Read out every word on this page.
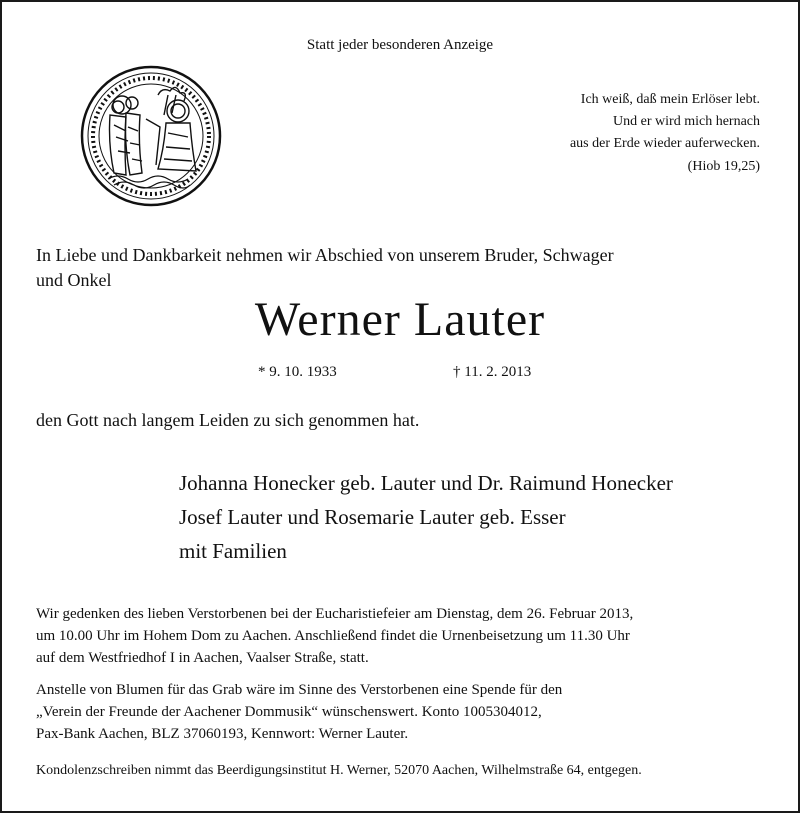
Statt jeder besonderen Anzeige
Ich weiß, daß mein Erlöser lebt.
Und er wird mich hernach
aus der Erde wieder auferwecken.
(Hiob 19,25)
In Liebe und Dankbarkeit nehmen wir Abschied von unserem Bruder, Schwager
und Onkel
Werner Lauter
* 9. 10. 1933	† 11. 2. 2013
den Gott nach langem Leiden zu sich genommen hat.
Johanna Honecker geb. Lauter und Dr. Raimund Honecker
Josef Lauter und Rosemarie Lauter geb. Esser
mit Familien
Wir gedenken des lieben Verstorbenen bei der Eucharistiefeier am Dienstag, dem 26. Februar 2013,
um 10.00 Uhr im Hohem Dom zu Aachen. Anschließend findet die Urnenbeisetzung um 11.30 Uhr
auf dem Westfriedhof I in Aachen, Vaalser Straße, statt.
Anstelle von Blumen für das Grab wäre im Sinne des Verstorbenen eine Spende für den
„Verein der Freunde der Aachener Dommusik“ wünschenswert. Konto 1005304012,
Pax-Bank Aachen, BLZ 37060193, Kennwort: Werner Lauter.
Kondolenzschreiben nimmt das Beerdigungsinstitut H. Werner, 52070 Aachen, Wilhelmstraße 64, entgegen.
